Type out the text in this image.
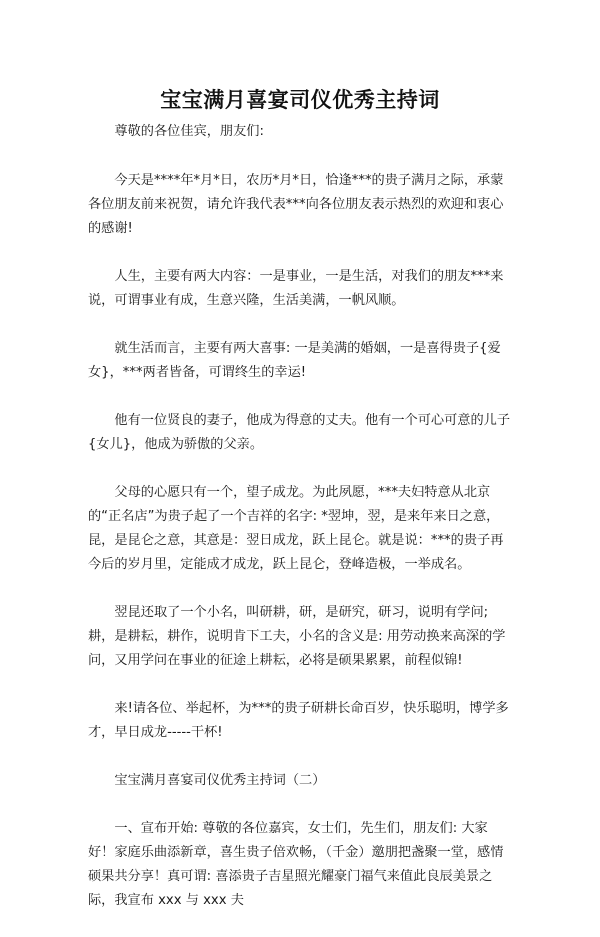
宝宝满月喜宴司仪优秀主持词

尊敬的各位佳宾，朋友们:

今天是****年*月*日，农历*月*日，恰逢***的贵子满月之际，承蒙各位朋友前来祝贺，请允许我代表***向各位朋友表示热烈的欢迎和衷心的感谢!

人生，主要有两大内容：一是事业，一是生活，对我们的朋友***来说，可谓事业有成，生意兴隆，生活美满，一帆风顺。

就生活而言，主要有两大喜事: 一是美满的婚姻，一是喜得贵子{爱女}，***两者皆备，可谓终生的幸运!

他有一位贤良的妻子，他成为得意的丈夫。他有一个可心可意的儿子{女儿}，他成为骄傲的父亲。

父母的心愿只有一个，望子成龙。为此夙愿，***夫妇特意从北京的“正名店”为贵子起了一个吉祥的名字: *翌坤，翌，是来年来日之意，昆，是昆仑之意，其意是：翌日成龙，跃上昆仑。就是说：***的贵子再今后的岁月里，定能成才成龙，跃上昆仑，登峰造极，一举成名。

翌昆还取了一个小名，叫研耕，研，是研究，研习，说明有学问;耕，是耕耘，耕作，说明肯下工夫，小名的含义是: 用劳动换来高深的学问，又用学问在事业的征途上耕耘，必将是硕果累累，前程似锦!

来!请各位、举起杯，为***的贵子研耕长命百岁，快乐聪明，博学多才，早日成龙-----干杯!

宝宝满月喜宴司仪优秀主持词（二）

一、宣布开始: 尊敬的各位嘉宾，女士们，先生们，朋友们: 大家好！家庭乐曲添新章，喜生贵子倍欢畅，（千金）邀朋把盏聚一堂，感情硕果共分享！真可谓: 喜添贵子吉星照光耀豪门福气来值此良辰美景之际，我宣布 xxx 与 xxx 夫
